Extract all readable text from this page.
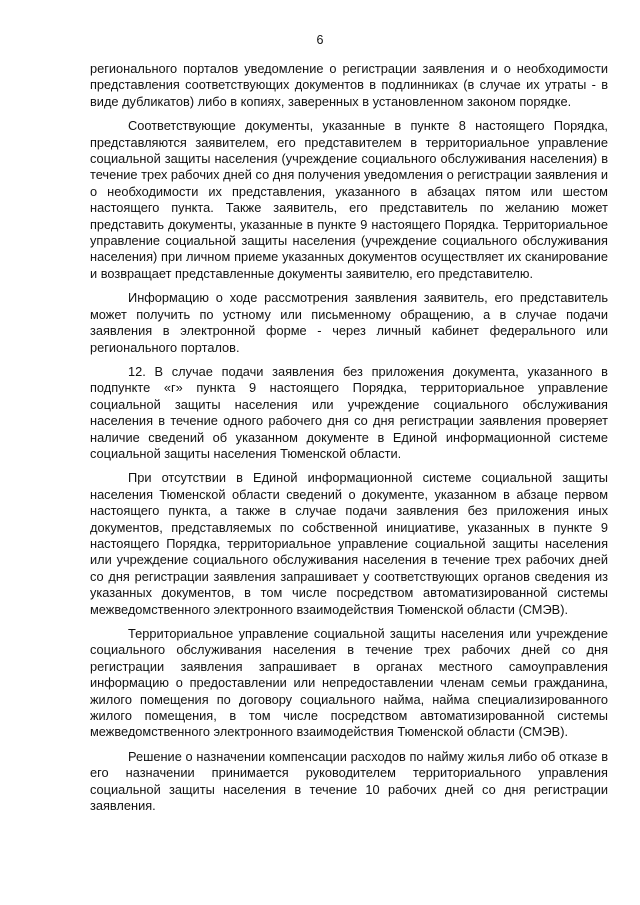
6

регионального порталов уведомление о регистрации заявления и о необходимости представления соответствующих документов в подлинниках (в случае их утраты - в виде дубликатов) либо в копиях, заверенных в установленном законом порядке.

Соответствующие документы, указанные в пункте 8 настоящего Порядка, представляются заявителем, его представителем в территориальное управление социальной защиты населения (учреждение социального обслуживания населения) в течение трех рабочих дней со дня получения уведомления о регистрации заявления и о необходимости их представления, указанного в абзацах пятом или шестом настоящего пункта. Также заявитель, его представитель по желанию может представить документы, указанные в пункте 9 настоящего Порядка. Территориальное управление социальной защиты населения (учреждение социального обслуживания населения) при личном приеме указанных документов осуществляет их сканирование и возвращает представленные документы заявителю, его представителю.

Информацию о ходе рассмотрения заявления заявитель, его представитель может получить по устному или письменному обращению, а в случае подачи заявления в электронной форме - через личный кабинет федерального или регионального порталов.

12. В случае подачи заявления без приложения документа, указанного в подпункте «г» пункта 9 настоящего Порядка, территориальное управление социальной защиты населения или учреждение социального обслуживания населения в течение одного рабочего дня со дня регистрации заявления проверяет наличие сведений об указанном документе в Единой информационной системе социальной защиты населения Тюменской области.

При отсутствии в Единой информационной системе социальной защиты населения Тюменской области сведений о документе, указанном в абзаце первом настоящего пункта, а также в случае подачи заявления без приложения иных документов, представляемых по собственной инициативе, указанных в пункте 9 настоящего Порядка, территориальное управление социальной защиты населения или учреждение социального обслуживания населения в течение трех рабочих дней со дня регистрации заявления запрашивает у соответствующих органов сведения из указанных документов, в том числе посредством автоматизированной системы межведомственного электронного взаимодействия Тюменской области (СМЭВ).

Территориальное управление социальной защиты населения или учреждение социального обслуживания населения в течение трех рабочих дней со дня регистрации заявления запрашивает в органах местного самоуправления информацию о предоставлении или непредоставлении членам семьи гражданина, жилого помещения по договору социального найма, найма специализированного жилого помещения, в том числе посредством автоматизированной системы межведомственного электронного взаимодействия Тюменской области (СМЭВ).

Решение о назначении компенсации расходов по найму жилья либо об отказе в его назначении принимается руководителем территориального управления социальной защиты населения в течение 10 рабочих дней со дня регистрации заявления.
